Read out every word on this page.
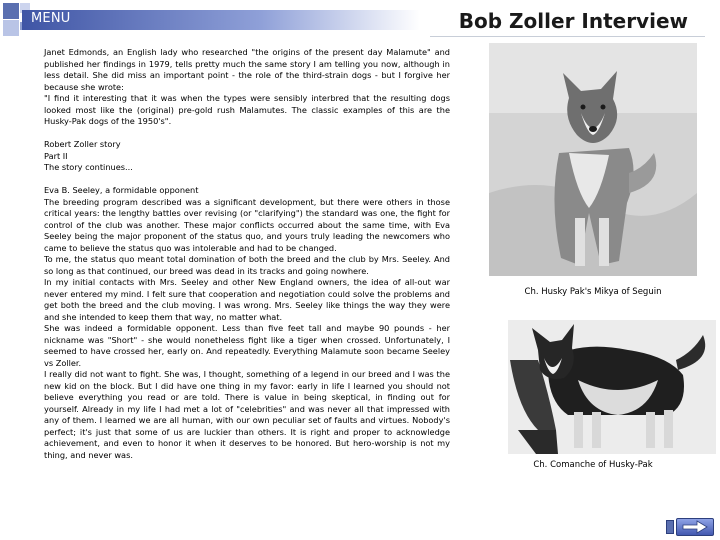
MENU	Bob Zoller Interview

Janet Edmonds, an English lady who researched "the origins of the present day Malamute" and published her findings in 1979, tells pretty much the same story I am telling you now, although in less detail. She did miss an important point - the role of the third-strain dogs - but I forgive her because she wrote:

"I find it interesting that it was when the types were sensibly interbred that the resulting dogs looked most like the (original) pre-gold rush Malamutes. The classic examples of this are the Husky-Pak dogs of the 1950's".

Robert Zoller story

Part II

The story continues...

Eva B. Seeley, a formidable opponent

The breeding program described was a significant development, but there were others in those critical years: the lengthy battles over revising (or "clarifying") the standard was one, the fight for control of the club was another. These major conflicts occurred about the same time, with Eva Seeley being the major proponent of the status quo, and yours truly leading the newcomers who came to believe the status quo was intolerable and had to be changed.

To me, the status quo meant total domination of both the breed and the club by Mrs. Seeley. And so long as that continued, our breed was dead in its tracks and going nowhere.

In my initial contacts with Mrs. Seeley and other New England owners, the idea of all-out war never entered my mind. I felt sure that cooperation and negotiation could solve the problems and get both the breed and the club moving. I was wrong. Mrs. Seeley like things the way they were and she intended to keep them that way, no matter what.

She was indeed a formidable opponent. Less than five feet tall and maybe 90 pounds - her nickname was "Short" - she would nonetheless fight like a tiger when crossed. Unfortunately, I seemed to have crossed her, early on. And repeatedly. Everything Malamute soon became Seeley vs Zoller.

I really did not want to fight. She was, I thought, something of a legend in our breed and I was the new kid on the block. But I did have one thing in my favor: early in life I learned you should not believe everything you read or are told. There is value in being skeptical, in finding out for yourself. Already in my life I had met a lot of "celebrities" and was never all that impressed with any of them. I learned we are all human, with our own peculiar set of faults and virtues. Nobody's perfect; it's just that some of us are luckier than others. It is right and proper to acknowledge achievement, and even to honor it when it deserves to be honored. But hero-worship is not my thing, and never was.

Ch. Husky Pak's Mikya of Seguin
Ch. Comanche of Husky-Pak
